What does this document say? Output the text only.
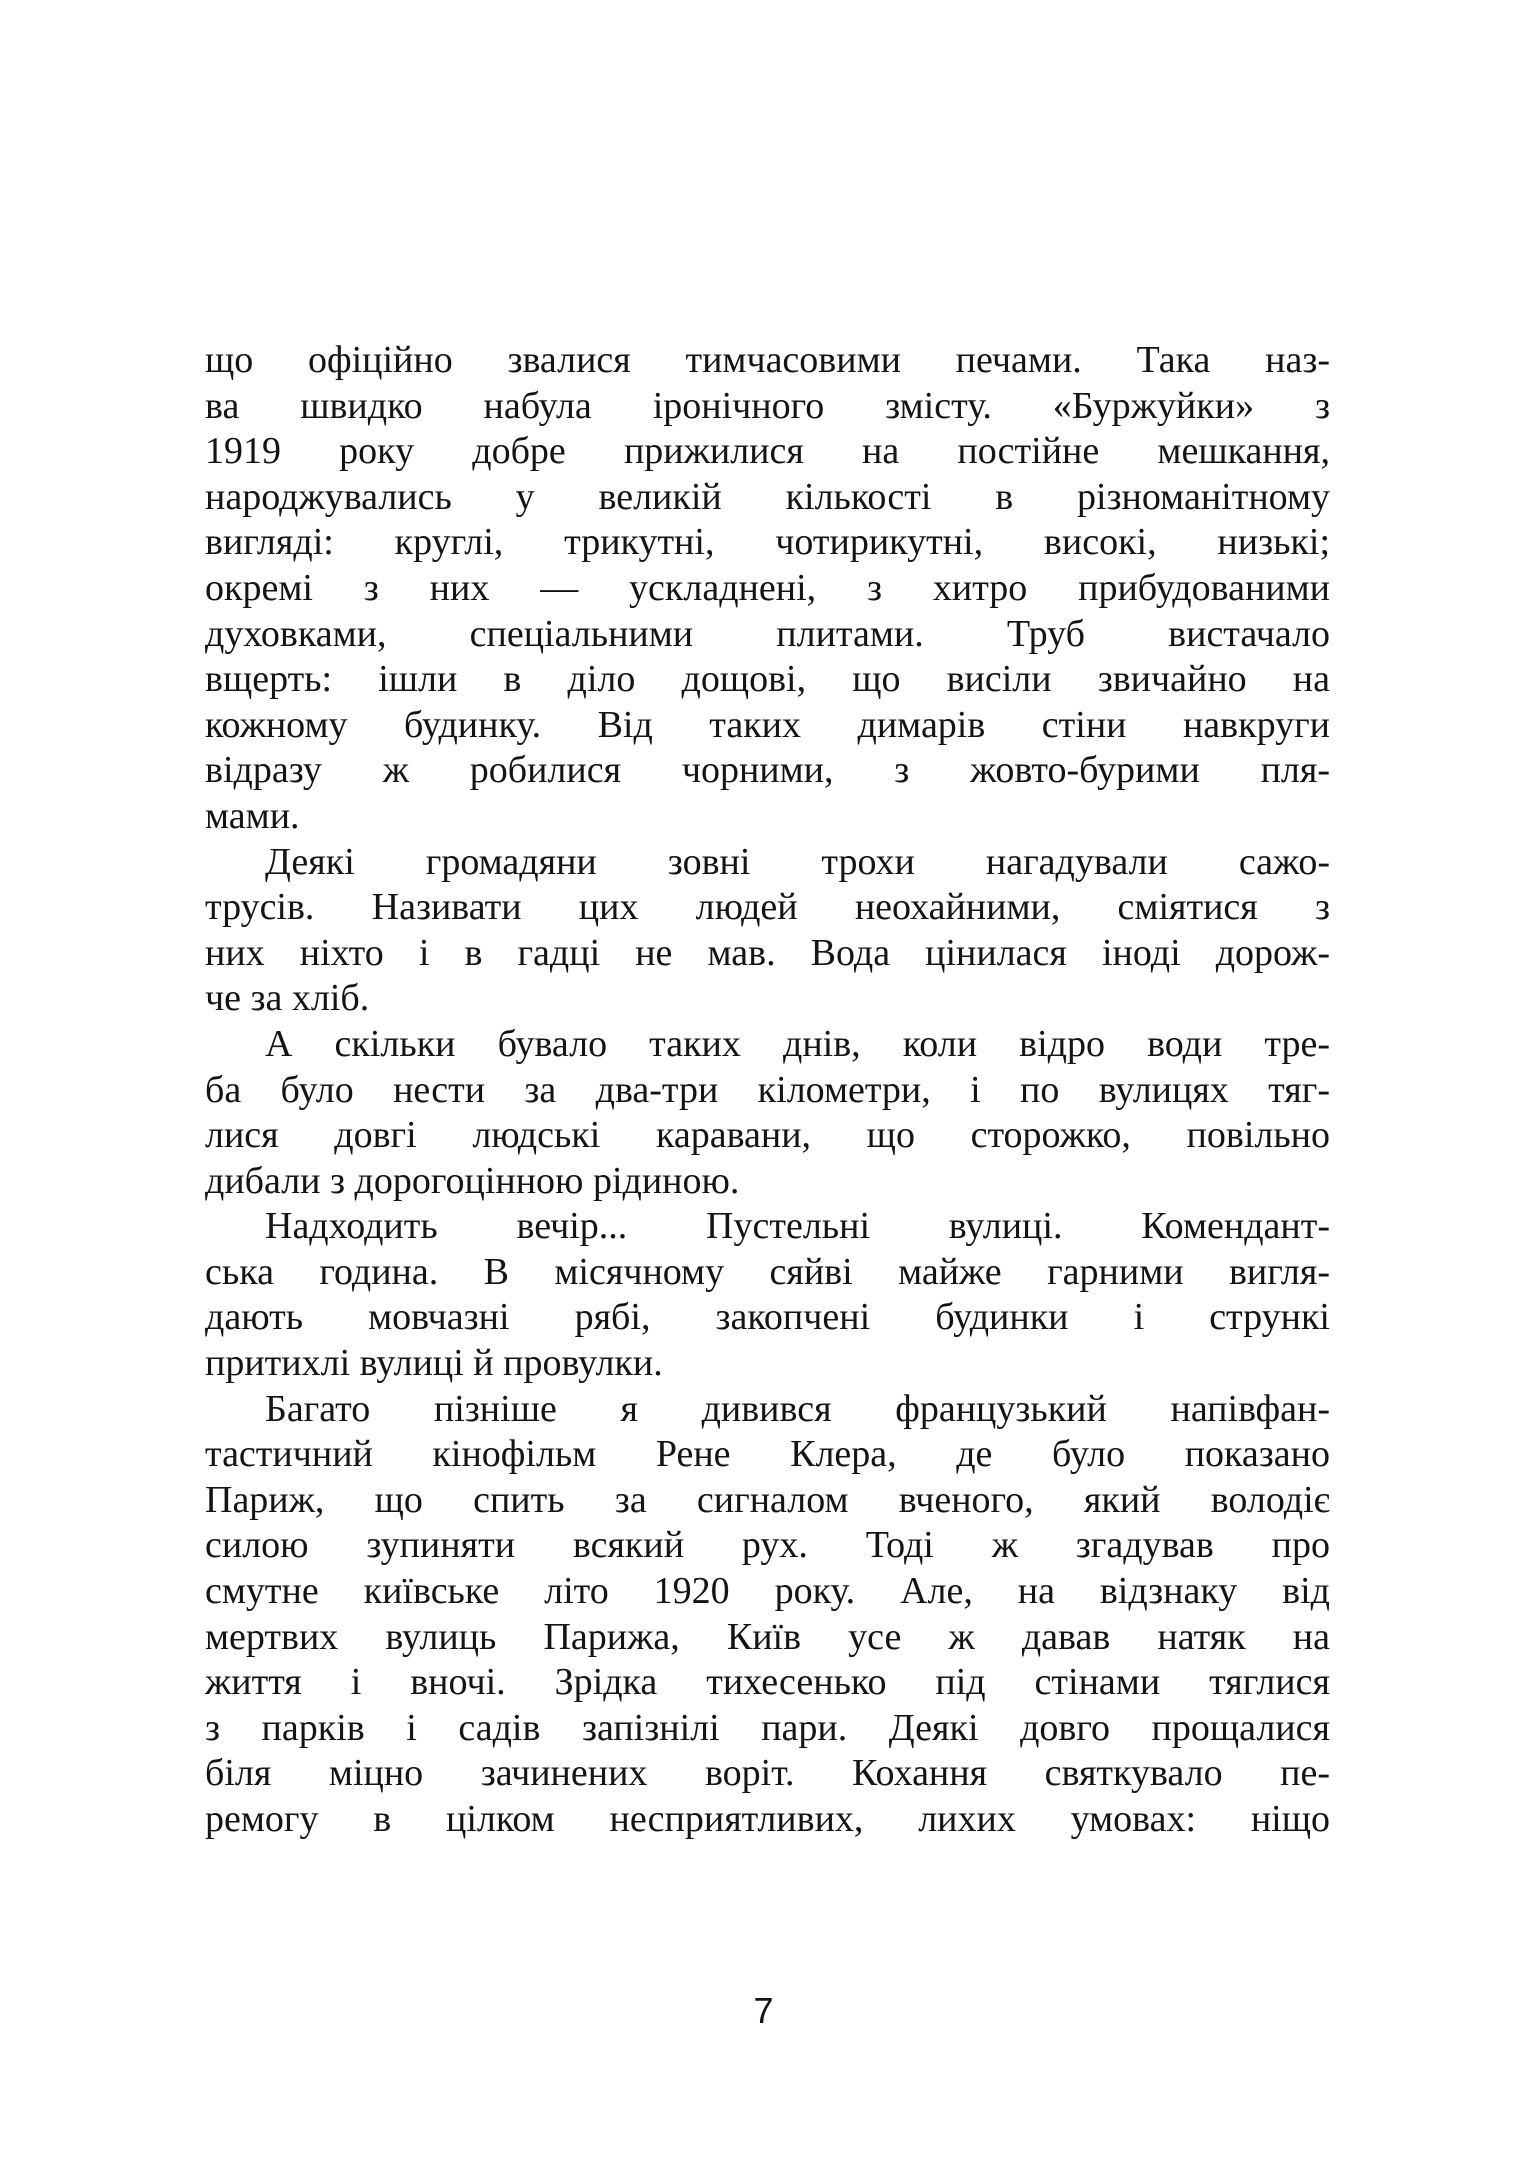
що офіційно звалися тимчасовими печами. Така наз-
ва швидко набула іронічного змісту. «Буржуйки» з
1919 року добре прижилися на постійне мешкання,
народжувались у великій кількості в різноманітному
вигляді: круглі, трикутні, чотирикутні, високі, низькі;
окремі з них — ускладнені, з хитро прибудованими
духовками, спеціальними плитами. Труб вистачало
вщерть: ішли в діло дощові, що висіли звичайно на
кожному будинку. Від таких димарів стіни навкруги
відразу ж робилися чорними, з жовто-бурими пля-
мами.
Деякі громадяни зовні трохи нагадували сажо-
трусів. Називати цих людей неохайними, сміятися з
них ніхто і в гадці не мав. Вода цінилася іноді дорож-
че за хліб.
А скільки бувало таких днів, коли відро води тре-
ба було нести за два-три кілометри, і по вулицях тяг-
лися довгі людські каравани, що сторожко, повільно
дибали з дорогоцінною рідиною.
Надходить вечір... Пустельні вулиці. Комендант-
ська година. В місячному сяйві майже гарними вигля-
дають мовчазні рябі, закопчені будинки і стрункі
притихлі вулиці й провулки.
Багато пізніше я дивився французький напівфан-
тастичний кінофільм Рене Клера, де було показано
Париж, що спить за сигналом вченого, який володіє
силою зупиняти всякий рух. Тоді ж згадував про
смутне київське літо 1920 року. Але, на відзнаку від
мертвих вулиць Парижа, Київ усе ж давав натяк на
життя і вночі. Зрідка тихесенько під стінами тяглися
з парків і садів запізнілі пари. Деякі довго прощалися
біля міцно зачинених воріт. Кохання святкувало пе-
ремогу в цілком несприятливих, лихих умовах: ніщо
7
